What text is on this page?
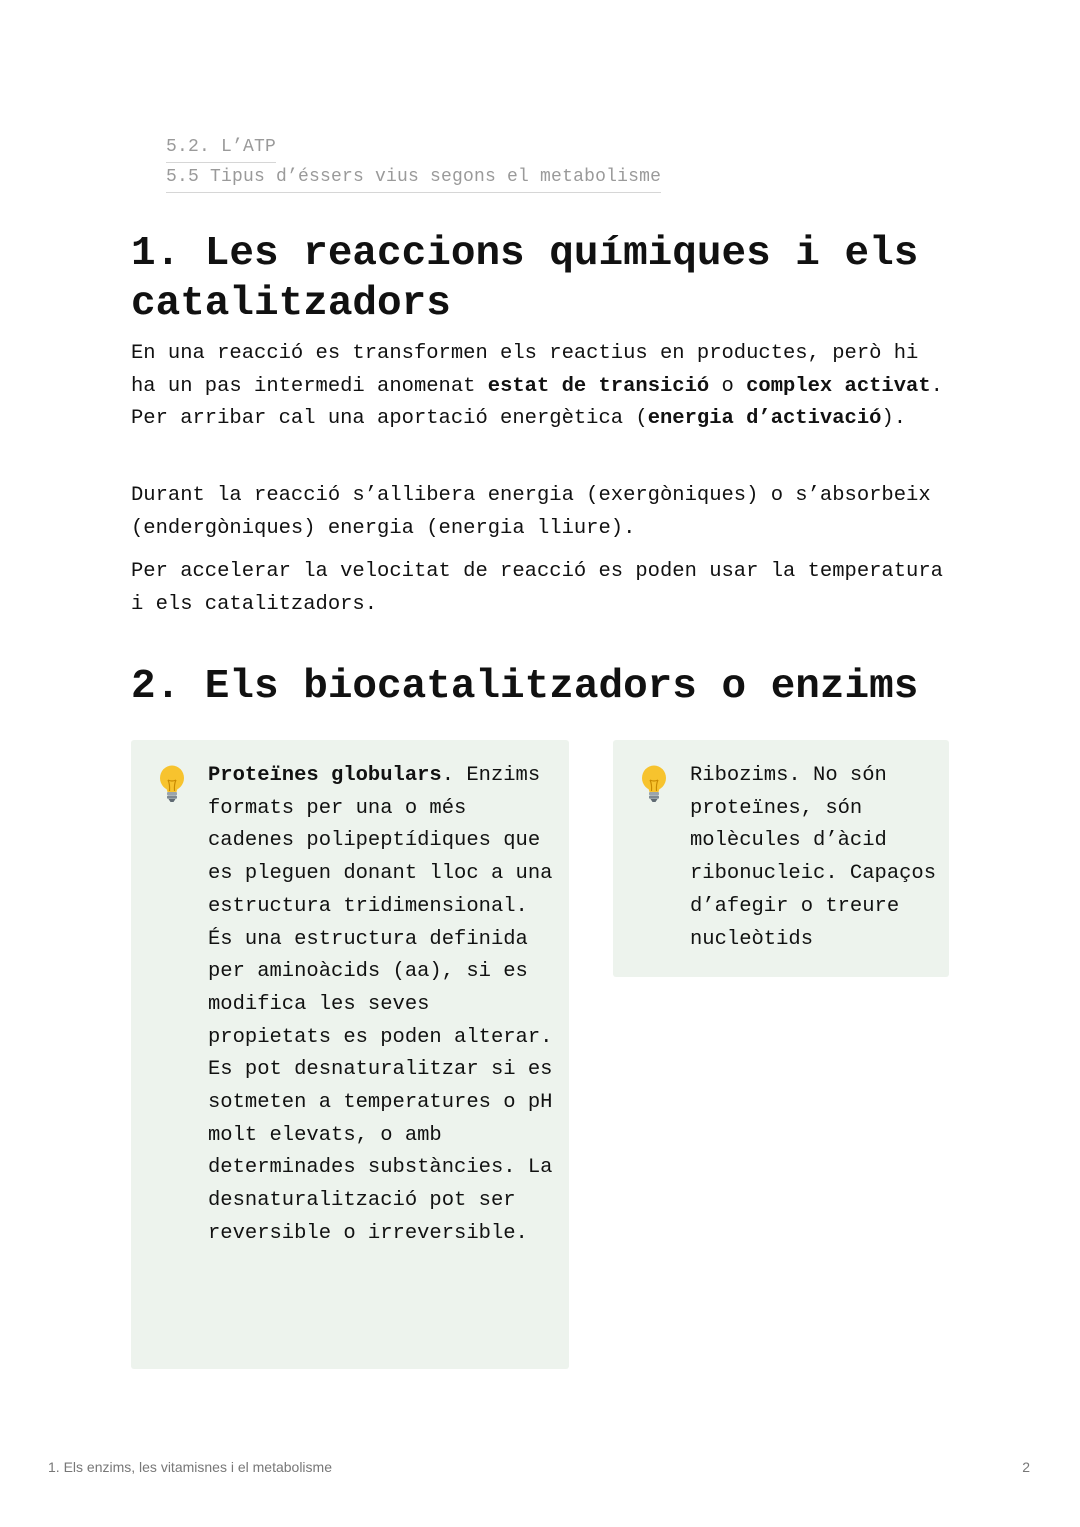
5.2. L’ATP
5.5 Tipus d’éssers vius segons el metabolisme
1. Les reaccions químiques i els
catalitzadors

En una reacció es transformen els reactius en productes, però hi ha un pas intermedi anomenat estat de transició o complex activat. Per arribar cal una aportació energètica (energia d’activació).

Durant la reacció s’allibera energia (exergòniques) o s’absorbeix (endergòniques) energia (energia lliure).

Per accelerar la velocitat de reacció es poden usar la temperatura i els catalitzadors.

2. Els biocatalitzadors o enzims

Proteïnes globulars. Enzims formats per una o més cadenes polipeptídiques que es pleguen donant lloc a una estructura tridimensional. És una estructura definida per aminoàcids (aa), si es modifica les seves propietats es poden alterar. Es pot desnaturalitzar si es sotmeten a temperatures o pH molt elevats, o amb determinades substàncies. La desnaturalització pot ser reversible o irreversible.

Ribozims. No són proteïnes, són molècules d’àcid ribonucleic. Capaços d’afegir o treure nucleòtids

1. Els enzims, les vitamisnes i el metabolisme	2
